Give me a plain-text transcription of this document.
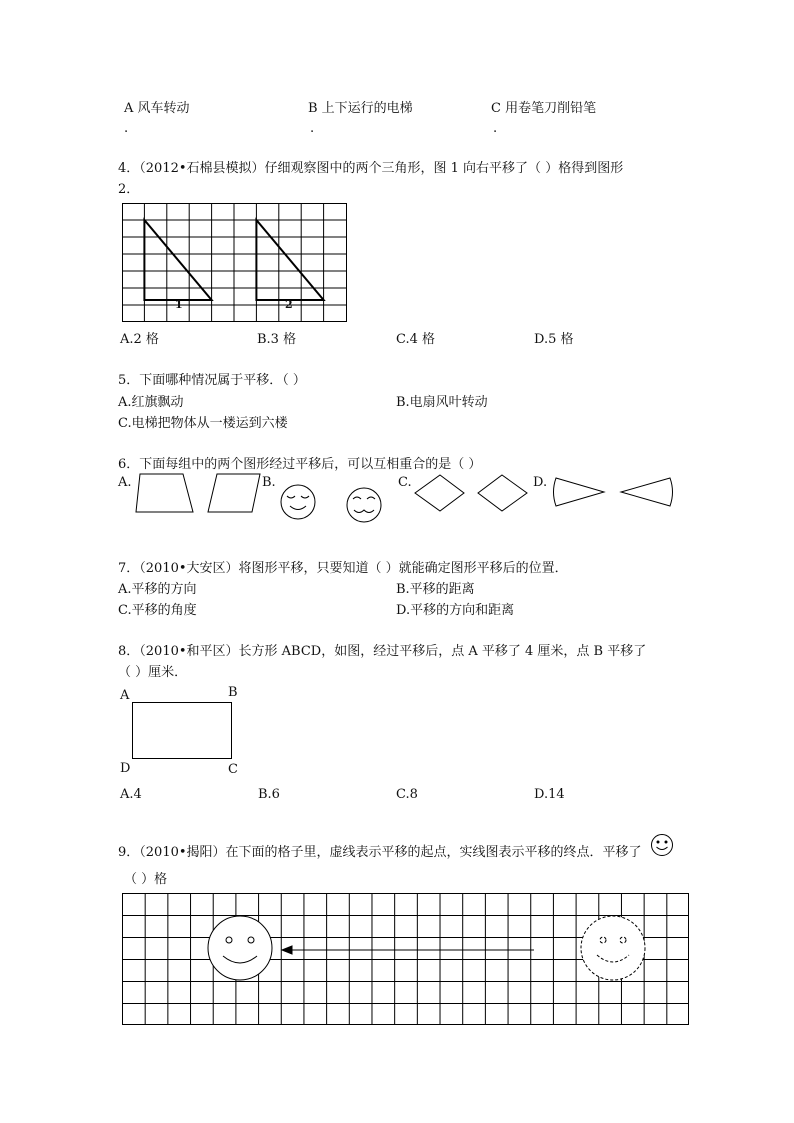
A 风车转动	B 上下运行的电梯	C 用卷笔刀削铅笔
.	.	.
4．（2012•石棉县模拟）仔细观察图中的两个三角形，图 1 向右平移了（ ）格得到图形
2．
1	2
A.2 格	B.3 格	C.4 格	D.5 格
5．下面哪种情况属于平移．（ ）
A.红旗飘动	B.电扇风叶转动
C.电梯把物体从一楼运到六楼
6．下面每组中的两个图形经过平移后，可以互相重合的是（ ）
A.	B.	C.	D.
7．（2010•大安区）将图形平移，只要知道（ ）就能确定图形平移后的位置．
A.平移的方向	B.平移的距离
C.平移的角度	D.平移的方向和距离
8．（2010•和平区）长方形 ABCD，如图，经过平移后，点 A 平移了 4 厘米，点 B 平移了
（ ）厘米．
A	B
C
D
A.4	B.6	C.8	D.14
9．（2010•揭阳）在下面的格子里，虚线表示平移的起点，实线图表示平移的终点．平移了
（ ）格
